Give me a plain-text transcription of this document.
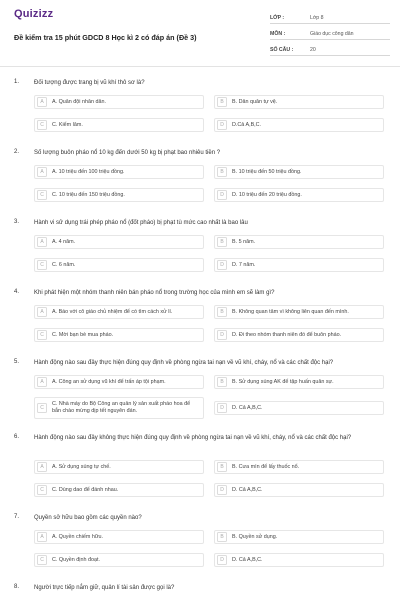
Quizizz
Đề kiểm tra 15 phút GDCD 8 Học kì 2 có đáp án (Đề 3)
LỚP :	Lớp 8
MÔN :	Giáo dục công dân
SỐ CÂU :	20
1. Đối tượng được trang bị vũ khí thô sơ là?
A	A. Quân đội nhân dân.	B	B. Dân quân tự vệ.
C	C. Kiểm lâm.	D	D.Cả A,B,C.
2. Số lượng buôn pháo nổ 10 kg đến dưới 50 kg bị phạt bao nhiêu tiền ?
A	A. 10 triệu đến 100 triệu đồng.	B	B. 10 triệu đến 50 triệu đồng.
C	C. 10 triệu đến 150 triệu đồng.	D	D. 10 triệu đến 20 triệu đồng.
3. Hành vi sử dụng trái phép pháo nổ (đốt pháo) bị phạt tù mức cao nhất là bao lâu
A	A. 4 năm.	B	B. 5 năm.
C	C. 6 năm.	D	D. 7 năm.
4. Khi phát hiện một nhóm thanh niên bán pháo nổ trong trường học của mình em sẽ làm gì?
A	A. Báo với cô giáo chủ nhiệm để có tìm cách xử lí.	B	B. Không quan tâm vì không liên quan đến mình.
C	C. Mời bạn bè mua pháo.	D	D. Đi theo nhóm thanh niên đó để buôn pháo.
5. Hành động nào sau đây thực hiện đúng quy định về phòng ngừa tai nạn về vũ khí, cháy, nổ và các chất độc hại?
A	A. Công an sử dụng vũ khí để trấn áp tội phạm.	B	B. Sử dụng súng AK để tập huấn quân sự.
C
C. Nhà máy do Bộ Công an quản lý sản xuất pháo hoa để bắn chào mừng dịp tết nguyên đán.	D	D. Cả A,B,C.
6. Hành động nào sau đây không thực hiện đúng quy định về phòng ngừa tai nạn về vũ khí, cháy, nổ và các chất độc hại?
A	A. Sử dụng súng tự chế.	B	B. Cưa mìn để lấy thuốc nổ.
C	C. Dùng dao để đánh nhau.	D	D. Cả A,B,C.
7. Quyền sở hữu bao gồm các quyền nào?
A	A. Quyền chiếm hữu.	B	B. Quyền sử dụng.
C	C. Quyền định đoạt.	D	D. Cả A,B,C.
8. Người trực tiếp nắm giữ, quản lí tài sản được gọi là?
